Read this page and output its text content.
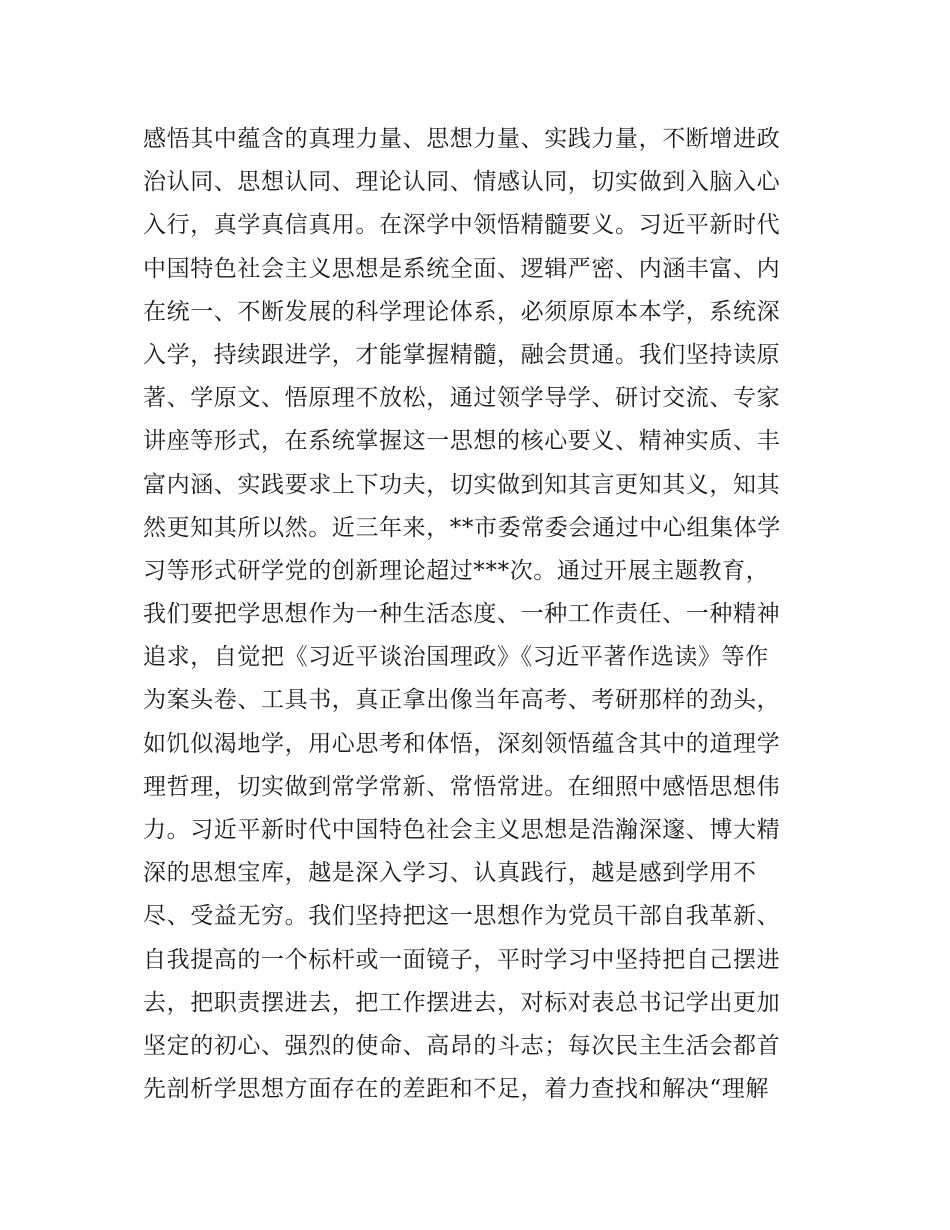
感悟其中蕴含的真理力量、思想力量、实践力量，不断增进政
治认同、思想认同、理论认同、情感认同，切实做到入脑入心
入行，真学真信真用。在深学中领悟精髓要义。习近平新时代
中国特色社会主义思想是系统全面、逻辑严密、内涵丰富、内
在统一、不断发展的科学理论体系，必须原原本本学，系统深
入学，持续跟进学，才能掌握精髓，融会贯通。我们坚持读原
著、学原文、悟原理不放松，通过领学导学、研讨交流、专家
讲座等形式，在系统掌握这一思想的核心要义、精神实质、丰
富内涵、实践要求上下功夫，切实做到知其言更知其义，知其
然更知其所以然。近三年来，**市委常委会通过中心组集体学
习等形式研学党的创新理论超过***次。通过开展主题教育，
我们要把学思想作为一种生活态度、一种工作责任、一种精神
追求，自觉把《习近平谈治国理政》《习近平著作选读》等作
为案头卷、工具书，真正拿出像当年高考、考研那样的劲头，
如饥似渴地学，用心思考和体悟，深刻领悟蕴含其中的道理学
理哲理，切实做到常学常新、常悟常进。在细照中感悟思想伟
力。习近平新时代中国特色社会主义思想是浩瀚深邃、博大精
深的思想宝库，越是深入学习、认真践行，越是感到学用不
尽、受益无穷。我们坚持把这一思想作为党员干部自我革新、
自我提高的一个标杆或一面镜子，平时学习中坚持把自己摆进
去，把职责摆进去，把工作摆进去，对标对表总书记学出更加
坚定的初心、强烈的使命、高昂的斗志；每次民主生活会都首
先剖析学思想方面存在的差距和不足，着力查找和解决“理解
